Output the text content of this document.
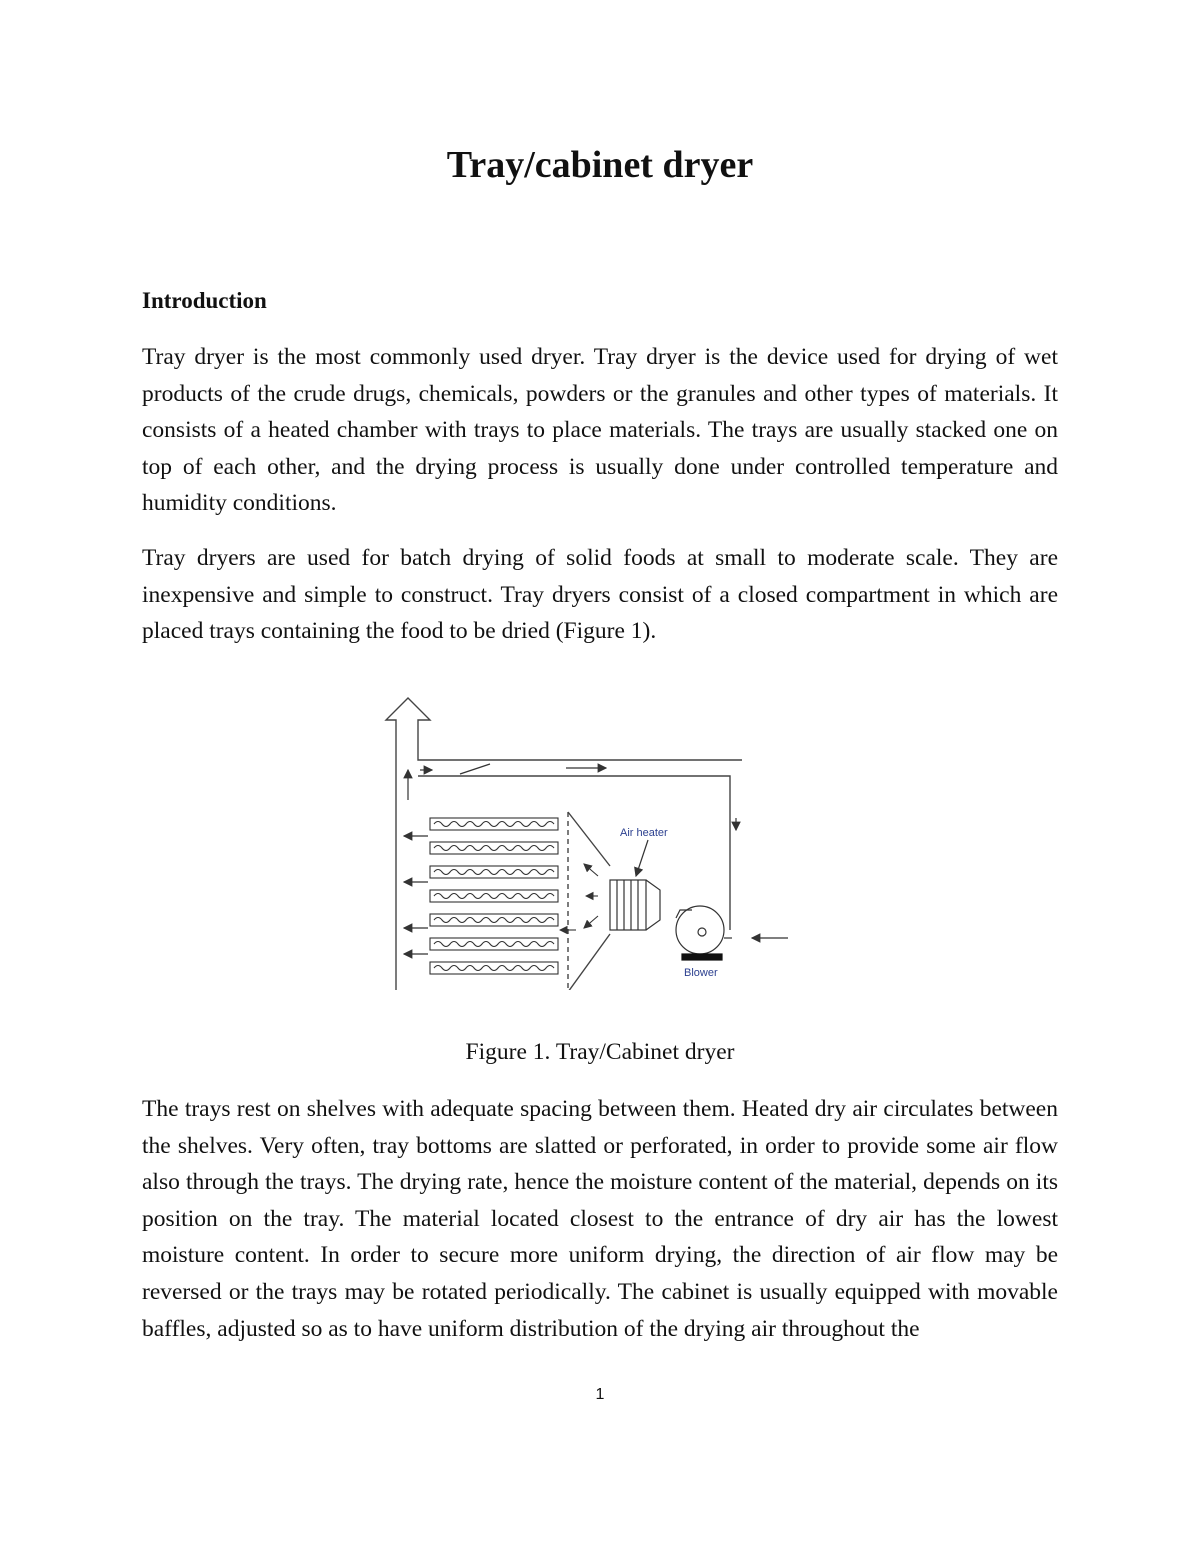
Tray/cabinet dryer
Introduction

Tray dryer is the most commonly used dryer. Tray dryer is the device used for drying of wet products of the crude drugs, chemicals, powders or the granules and other types of materials. It consists of a heated chamber with trays to place materials. The trays are usually stacked one on top of each other, and the drying process is usually done under controlled temperature and humidity conditions.

Tray dryers are used for batch drying of solid foods at small to moderate scale. They are inexpensive and simple to construct. Tray dryers consist of a closed compartment in which are placed trays containing the food to be dried (Figure 1).

Air heater
Blower

Figure 1. Tray/Cabinet dryer

The trays rest on shelves with adequate spacing between them. Heated dry air circulates between the shelves. Very often, tray bottoms are slatted or perforated, in order to provide some air flow also through the trays. The drying rate, hence the moisture content of the material, depends on its position on the tray. The material located closest to the entrance of dry air has the lowest moisture content. In order to secure more uniform drying, the direction of air flow may be reversed or the trays may be rotated periodically. The cabinet is usually equipped with movable baffles, adjusted so as to have uniform distribution of the drying air throughout the

1
